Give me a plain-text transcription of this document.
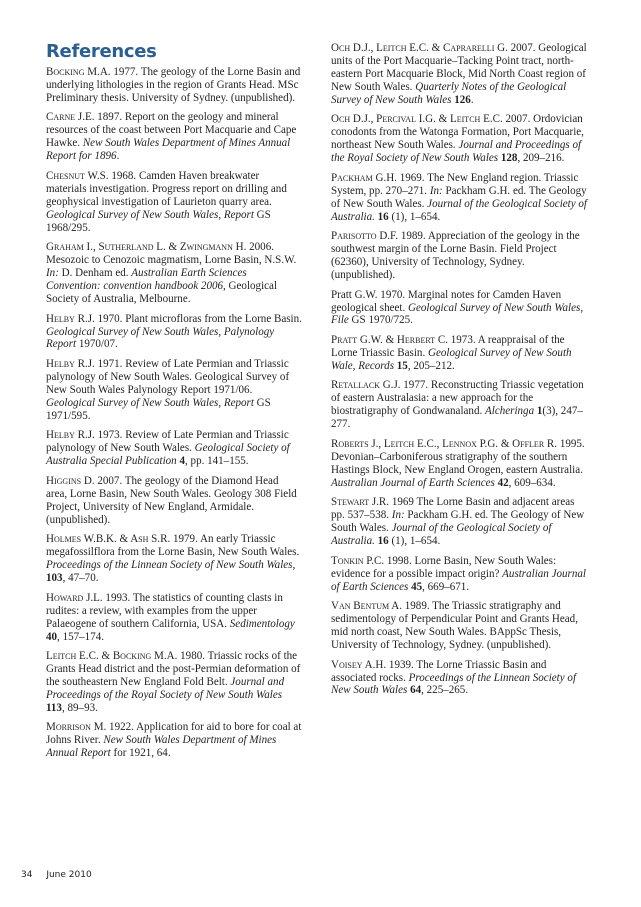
References

Bocking M.A. 1977. The geology of the Lorne Basin and underlying lithologies in the region of Grants Head. MSc Preliminary thesis. University of Sydney. (unpublished).

Carne J.E. 1897. Report on the geology and mineral resources of the coast between Port Macquarie and Cape Hawke. New South Wales Department of Mines Annual Report for 1896.

Chesnut W.S. 1968. Camden Haven breakwater materials investigation. Progress report on drilling and geophysical investigation of Laurieton quarry area. Geological Survey of New South Wales, Report GS 1968/295.

Graham I., Sutherland L. & Zwingmann H. 2006. Mesozoic to Cenozoic magmatism, Lorne Basin, N.S.W. In: D. Denham ed. Australian Earth Sciences Convention: convention handbook 2006, Geological Society of Australia, Melbourne.

Helby R.J. 1970. Plant microfloras from the Lorne Basin. Geological Survey of New South Wales, Palynology Report 1970/07.

Helby R.J. 1971. Review of Late Permian and Triassic palynology of New South Wales. Geological Survey of New South Wales Palynology Report 1971/06. Geological Survey of New South Wales, Report GS 1971/595.

Helby R.J. 1973. Review of Late Permian and Triassic palynology of New South Wales. Geological Society of Australia Special Publication 4, pp. 141–155.

Higgins D. 2007. The geology of the Diamond Head area, Lorne Basin, New South Wales. Geology 308 Field Project, University of New England, Armidale. (unpublished).

Holmes W.B.K. & Ash S.R. 1979. An early Triassic megafossilflora from the Lorne Basin, New South Wales. Proceedings of the Linnean Society of New South Wales, 103, 47–70.

Howard J.L. 1993. The statistics of counting clasts in rudites: a review, with examples from the upper Palaeogene of southern California, USA. Sedimentology 40, 157–174.

Leitch E.C. & Bocking M.A. 1980. Triassic rocks of the Grants Head district and the post-Permian deformation of the southeastern New England Fold Belt. Journal and Proceedings of the Royal Society of New South Wales 113, 89–93.

Morrison M. 1922. Application for aid to bore for coal at Johns River. New South Wales Department of Mines Annual Report for 1921, 64.

Och D.J., Leitch E.C. & Caprarelli G. 2007. Geological units of the Port Macquarie–Tacking Point tract, north-eastern Port Macquarie Block, Mid North Coast region of New South Wales. Quarterly Notes of the Geological Survey of New South Wales 126.

Och D.J., Percival I.G. & Leitch E.C. 2007. Ordovician conodonts from the Watonga Formation, Port Macquarie, northeast New South Wales. Journal and Proceedings of the Royal Society of New South Wales 128, 209–216.

Packham G.H. 1969. The New England region. Triassic System, pp. 270–271. In: Packham G.H. ed. The Geology of New South Wales. Journal of the Geological Society of Australia. 16 (1), 1–654.

Parisotto D.F. 1989. Appreciation of the geology in the southwest margin of the Lorne Basin. Field Project (62360), University of Technology, Sydney. (unpublished).

Pratt G.W. 1970. Marginal notes for Camden Haven geological sheet. Geological Survey of New South Wales, File GS 1970/725.

Pratt G.W. & Herbert C. 1973. A reappraisal of the Lorne Triassic Basin. Geological Survey of New South Wale, Records 15, 205–212.

Retallack G.J. 1977. Reconstructing Triassic vegetation of eastern Australasia: a new approach for the biostratigraphy of Gondwanaland. Alcheringa 1(3), 247–277.

Roberts J., Leitch E.C., Lennox P.G. & Offler R. 1995. Devonian–Carboniferous stratigraphy of the southern Hastings Block, New England Orogen, eastern Australia. Australian Journal of Earth Sciences 42, 609–634.

Stewart J.R. 1969 The Lorne Basin and adjacent areas pp. 537–538. In: Packham G.H. ed. The Geology of New South Wales. Journal of the Geological Society of Australia. 16 (1), 1–654.

Tonkin P.C. 1998. Lorne Basin, New South Wales: evidence for a possible impact origin? Australian Journal of Earth Sciences 45, 669–671.

Van Bentum A. 1989. The Triassic stratigraphy and sedimentology of Perpendicular Point and Grants Head, mid north coast, New South Wales. BAppSc Thesis, University of Technology, Sydney. (unpublished).

Voisey A.H. 1939. The Lorne Triassic Basin and associated rocks. Proceedings of the Linnean Society of New South Wales 64, 225–265.

34 June 2010
